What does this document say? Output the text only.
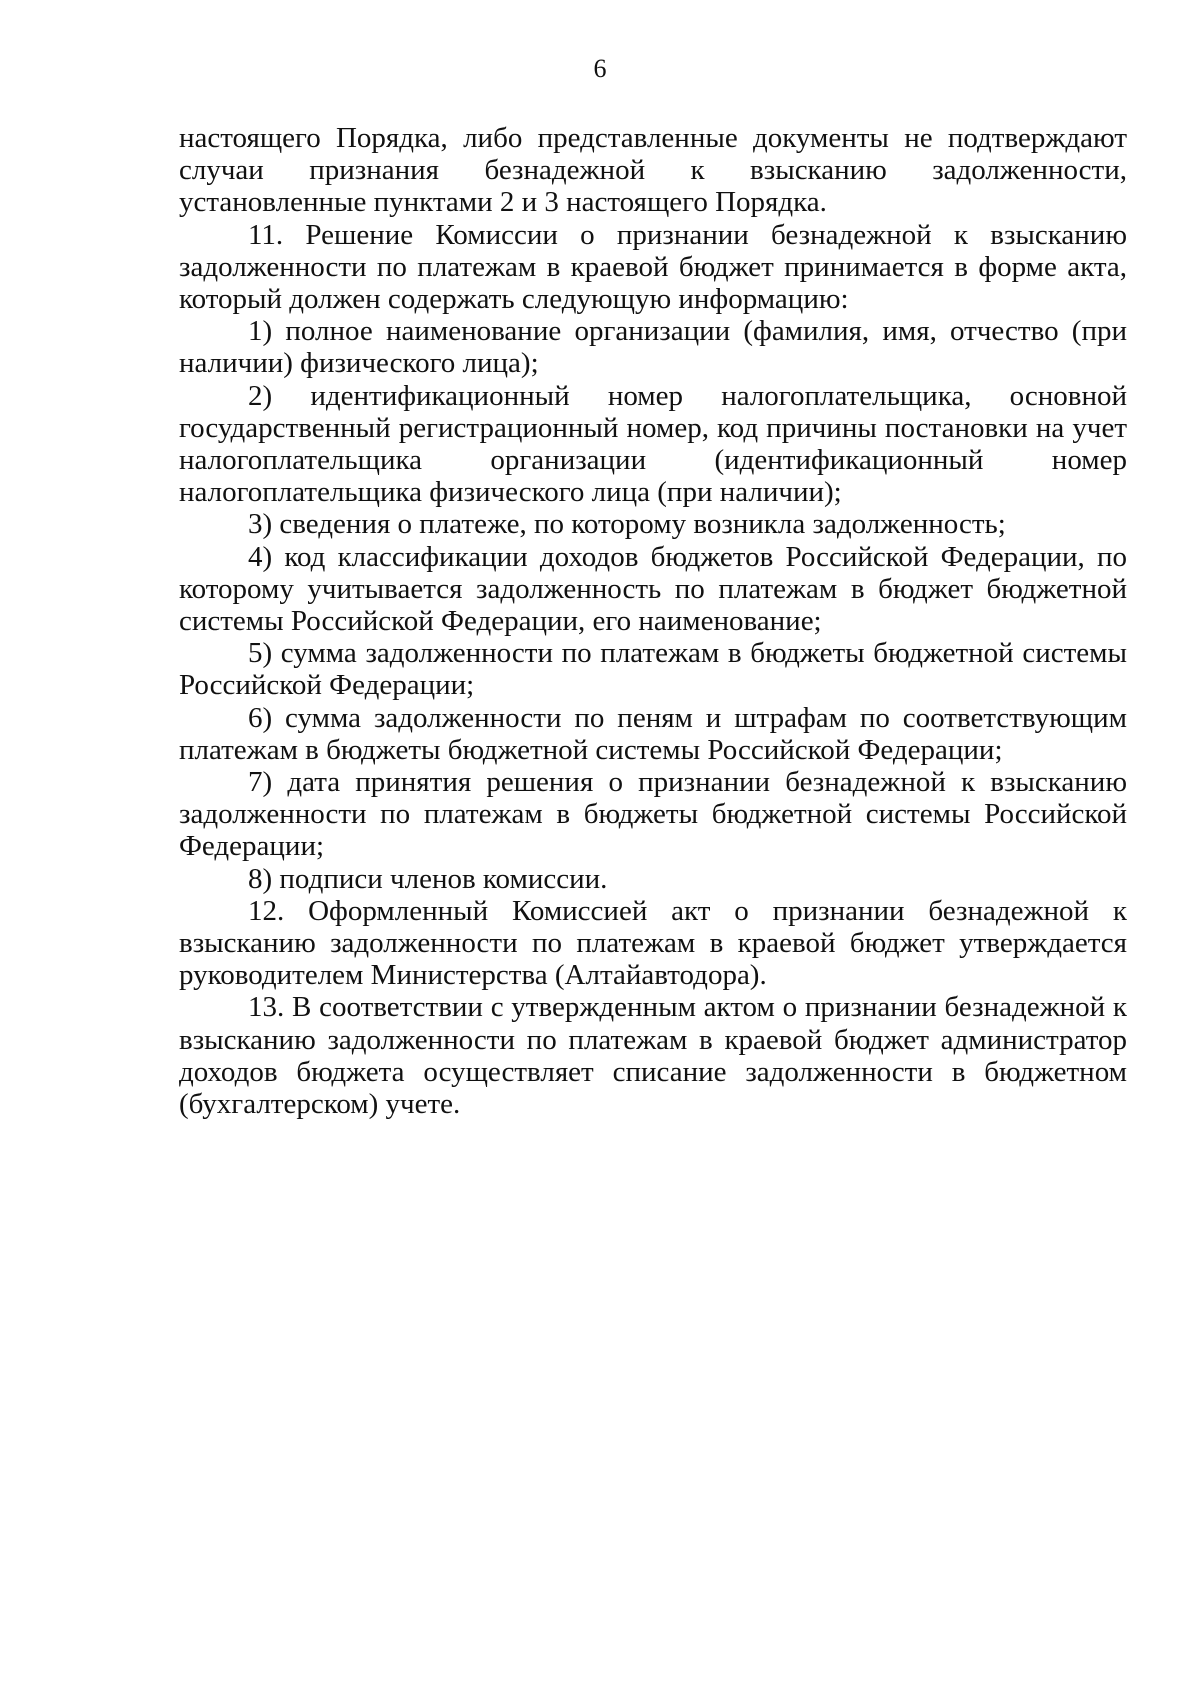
6

настоящего Порядка, либо представленные документы не подтверждают случаи признания безнадежной к взысканию задолженности, установленные пунктами 2 и 3 настоящего Порядка.

11. Решение Комиссии о признании безнадежной к взысканию задолженности по платежам в краевой бюджет принимается в форме акта, который должен содержать следующую информацию:

1) полное наименование организации (фамилия, имя, отчество (при наличии) физического лица);

2) идентификационный номер налогоплательщика, основной государственный регистрационный номер, код причины постановки на учет налогоплательщика организации (идентификационный номер налогоплательщика физического лица (при наличии);

3) сведения о платеже, по которому возникла задолженность;

4) код классификации доходов бюджетов Российской Федерации, по которому учитывается задолженность по платежам в бюджет бюджетной системы Российской Федерации, его наименование;

5) сумма задолженности по платежам в бюджеты бюджетной системы Российской Федерации;

6) сумма задолженности по пеням и штрафам по соответствующим платежам в бюджеты бюджетной системы Российской Федерации;

7) дата принятия решения о признании безнадежной к взысканию задолженности по платежам в бюджеты бюджетной системы Российской Федерации;

8) подписи членов комиссии.

12. Оформленный Комиссией акт о признании безнадежной к взысканию задолженности по платежам в краевой бюджет утверждается руководителем Министерства (Алтайавтодора).

13. В соответствии с утвержденным актом о признании безнадежной к взысканию задолженности по платежам в краевой бюджет администратор доходов бюджета осуществляет списание задолженности в бюджетном (бухгалтерском) учете.
